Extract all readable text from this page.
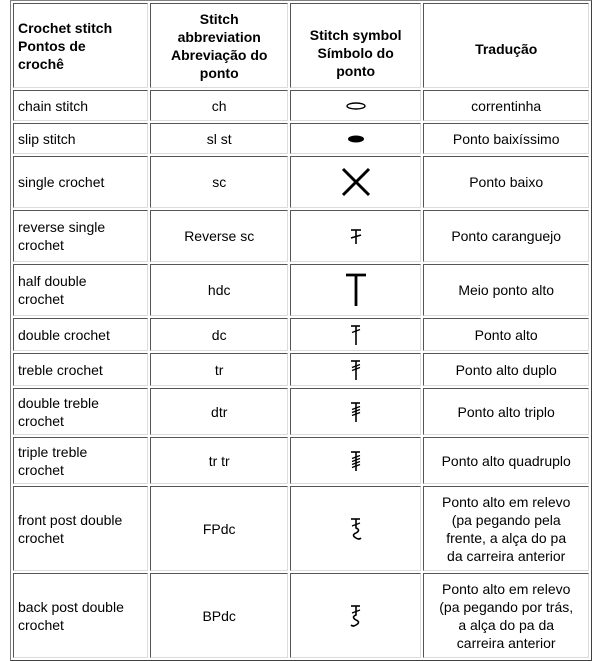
Crochet stitch
Pontos de
crochê	Stitch
abbreviation
Abreviação do
ponto	Stitch symbol
Símbolo do
ponto	Tradução

chain stitch	ch		correntinha

slip stitch	sl st		Ponto baixíssimo

single crochet	sc		Ponto baixo

reverse single
crochet	Reverse sc		Ponto caranguejo

half double
crochet	hdc		Meio ponto alto

double crochet	dc		Ponto alto

treble crochet	tr		Ponto alto duplo

double treble
crochet	dtr		Ponto alto triplo

triple treble
crochet	tr tr		Ponto alto quadruplo

front post double
crochet	FPdc		Ponto alto em relevo
(pa pegando pela
frente, a alça do pa
da carreira anterior

back post double
crochet	BPdc		Ponto alto em relevo
(pa pegando por trás,
a alça do pa da
carreira anterior
